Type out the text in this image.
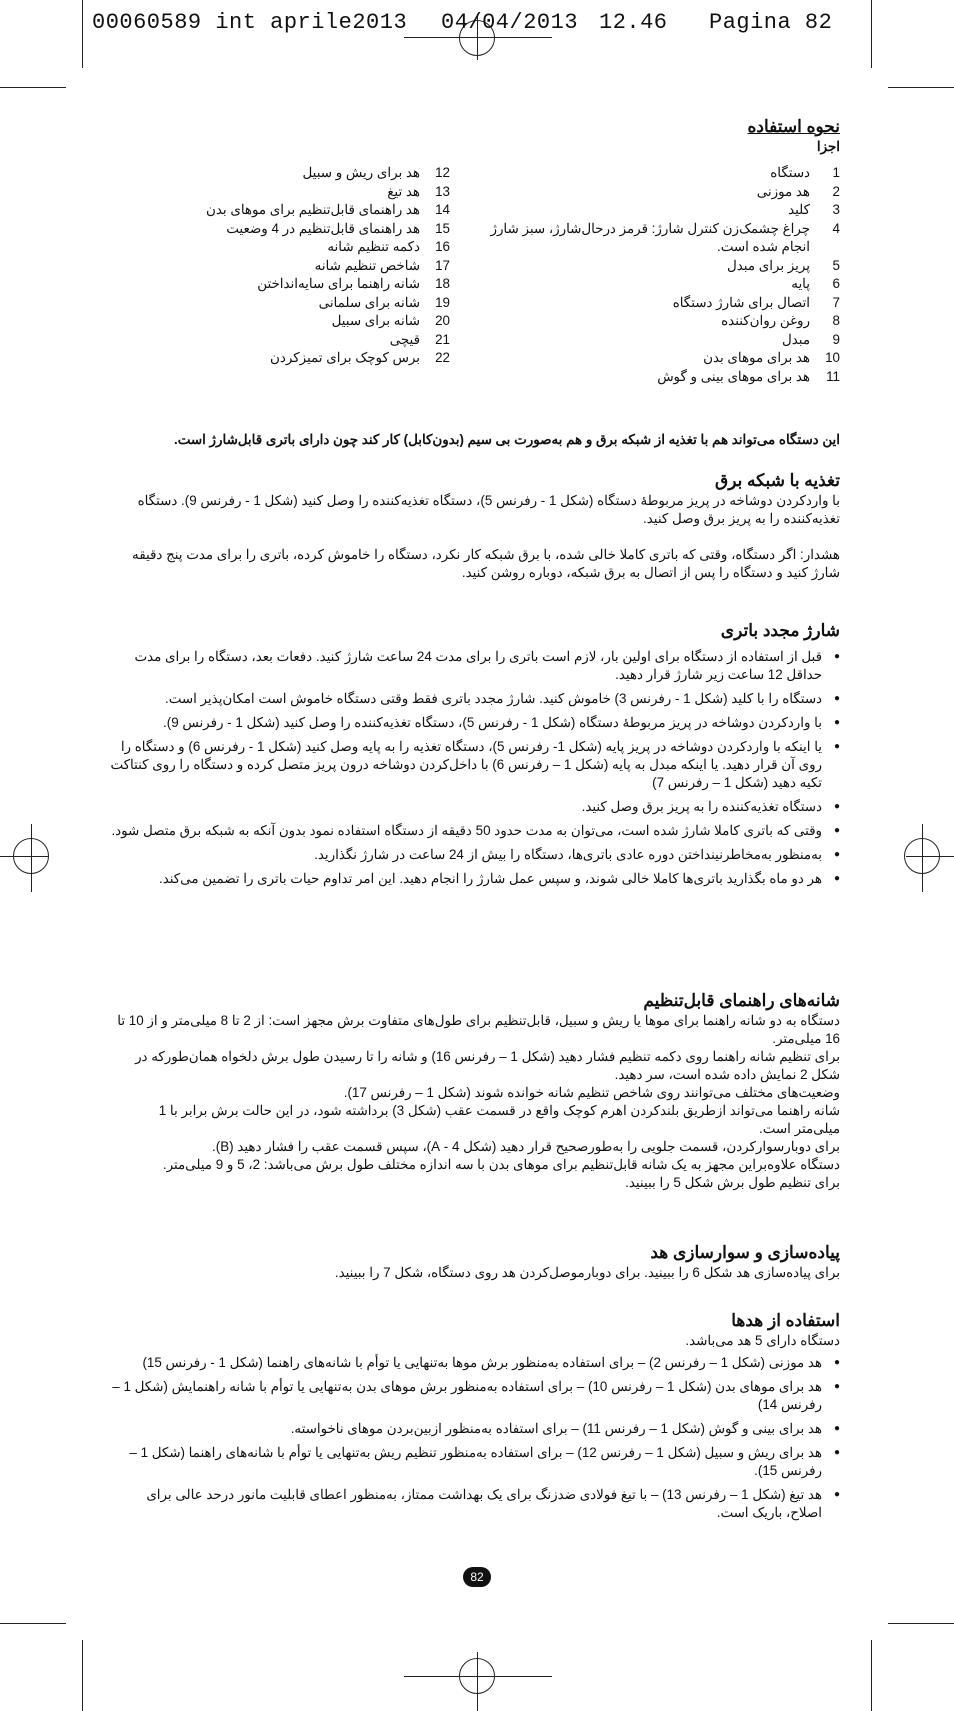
00060589 int aprile2013

04/04/2013

12.46

Pagina 82

نحوه استفاده
اجزا
1
دستگاه
2
هد موزنی
3
کلید
4
چراغ چشمک‌زن کنترل شارژ: قرمز درحال‌شارژ، سبز شارژ انجام شده است.
5
پریز برای مبدل
6
پایه
7
اتصال برای شارژ دستگاه
8
روغن روان‌کننده
9
مبدل
10
هد برای موهای بدن
11
هد برای موهای بینی و گوش
12
هد برای ریش و سبیل
13
هد تیغ
14
هد راهنمای قابل‌تنظیم برای موهای بدن
15
هد راهنمای قابل‌تنظیم در 4 وضعیت
16
دکمه تنظیم شانه
17
شاخص تنظیم شانه
18
شانه راهنما برای سایه‌انداختن
19
شانه برای سلمانی
20
شانه برای سبیل
21
قیچی
22
برس کوچک برای تمیزکردن
این دستگاه می‌تواند هم با تغذیه از شبکه برق و هم به‌صورت بی سیم (بدون‌کابل) کار کند چون دارای باتری قابل‌شارژ است.
تغذیه با شبکه برق

با واردکردن دوشاخه در پریز مربوطهٔ دستگاه (شکل 1 - رفرنس 5)، دستگاه تغذیه‌کننده را وصل کنید (شکل 1 - رفرنس 9). دستگاه تغذیه‌کننده را به پریز برق وصل کنید.

هشدار: اگر دستگاه، وقتی که باتری کاملا خالی شده، با برق شبکه کار نکرد، دستگاه را خاموش کرده، باتری را برای مدت پنج دقیقه شارژ کنید و دستگاه را پس از اتصال به برق شبکه، دوباره روشن کنید.

شارژ مجدد باتری
● قبل از استفاده از دستگاه برای اولین بار، لازم است باتری را برای مدت 24 ساعت شارژ کنید. دفعات بعد، دستگاه را برای مدت حداقل 12 ساعت زیر شارژ قرار دهید.
● دستگاه را با کلید (شکل 1 - رفرنس 3) خاموش کنید. شارژ مجدد باتری فقط وقتی دستگاه خاموش است امکان‌پذیر است.
● با واردکردن دوشاخه در پریز مربوطهٔ دستگاه (شکل 1 - رفرنس 5)، دستگاه تغذیه‌کننده را وصل کنید (شکل 1 - رفرنس 9).
● یا اینکه با واردکردن دوشاخه در پریز پایه (شکل 1- رفرنس 5)، دستگاه تغذیه را به پایه وصل کنید (شکل 1 - رفرنس 6) و دستگاه را روی آن قرار دهید. یا اینکه مبدل به پایه (شکل 1 – رفرنس 6) با داخل‌کردن دوشاخه درون پریز متصل کرده و دستگاه را روی کنتاکت تکیه دهید (شکل 1 – رفرنس 7)
● دستگاه تغذیه‌کننده را به پریز برق وصل کنید.
● وقتی که باتری کاملا شارژ شده است، می‌توان به مدت حدود 50 دقیقه از دستگاه استفاده نمود بدون آنکه به شبکه برق متصل شود.
● به‌منظور به‌مخاطرنینداختن دوره عادی باتری‌ها، دستگاه را بیش از 24 ساعت در شارژ نگذارید.
● هر دو ماه بگذارید باتری‌ها کاملا خالی شوند، و سپس عمل شارژ را انجام دهید. این امر تداوم حیات باتری را تضمین می‌کند.
شانه‌های راهنمای قابل‌تنظیم

دستگاه به دو شانه راهنما برای موها یا ریش و سبیل، قابل‌تنظیم برای طول‌های متفاوت برش مجهز است: از 2 تا 8 میلی‌متر و از 10 تا 16 میلی‌متر.

برای تنظیم شانه راهنما روی دکمه تنظیم فشار دهید (شکل 1 – رفرنس 16) و شانه را تا رسیدن طول برش دلخواه همان‌طورکه در شکل 2 نمایش داده شده است، سر دهید.

وضعیت‌های مختلف می‌توانند روی شاخص تنظیم شانه خوانده شوند (شکل 1 – رفرنس 17).

شانه راهنما می‌تواند ازطریق بلندکردن اهرم کوچک واقع در قسمت عقب (شکل 3) برداشته شود، در این حالت برش برابر با 1 میلی‌متر است.

برای دوبارسوارکردن، قسمت جلویی را به‌طورصحیح قرار دهید (شکل 4 - A)، سپس قسمت عقب را فشار دهید (B).

دستگاه علاوه‌براین مجهز به یک شانه قابل‌تنظیم برای موهای بدن با سه اندازه مختلف طول برش می‌باشد: 2، 5 و 9 میلی‌متر.

برای تنظیم طول برش شکل 5 را ببینید.

پیاده‌سازی و سوارسازی هد

برای پیاده‌سازی هد شکل 6 را ببینید. برای دوبارموصل‌کردن هد روی دستگاه، شکل 7 را ببینید.

استفاده از هدها

دستگاه دارای 5 هد می‌باشد.

● هد موزنی (شکل 1 – رفرنس 2) – برای استفاده به‌منظور برش موها به‌تنهایی یا توأم با شانه‌های راهنما (شکل 1 - رفرنس 15)
● هد برای موهای بدن (شکل 1 – رفرنس 10) – برای استفاده به‌منظور برش موهای بدن به‌تنهایی یا توأم با شانه راهنمایش (شکل 1 – رفرنس 14)
● هد برای بینی و گوش (شکل 1 – رفرنس 11) – برای استفاده به‌منظور ازبین‌بردن موهای ناخواسته.
● هد برای ریش و سبیل (شکل 1 – رفرنس 12) – برای استفاده به‌منظور تنظیم ریش به‌تنهایی یا توأم با شانه‌های راهنما (شکل 1 – رفرنس 15).
● هد تیغ (شکل 1 – رفرنس 13) – با تیغ فولادی ضدزنگ برای یک بهداشت ممتاز، به‌منظور اعطای قابلیت مانور درحد عالی برای اصلاح، باریک است.
82
